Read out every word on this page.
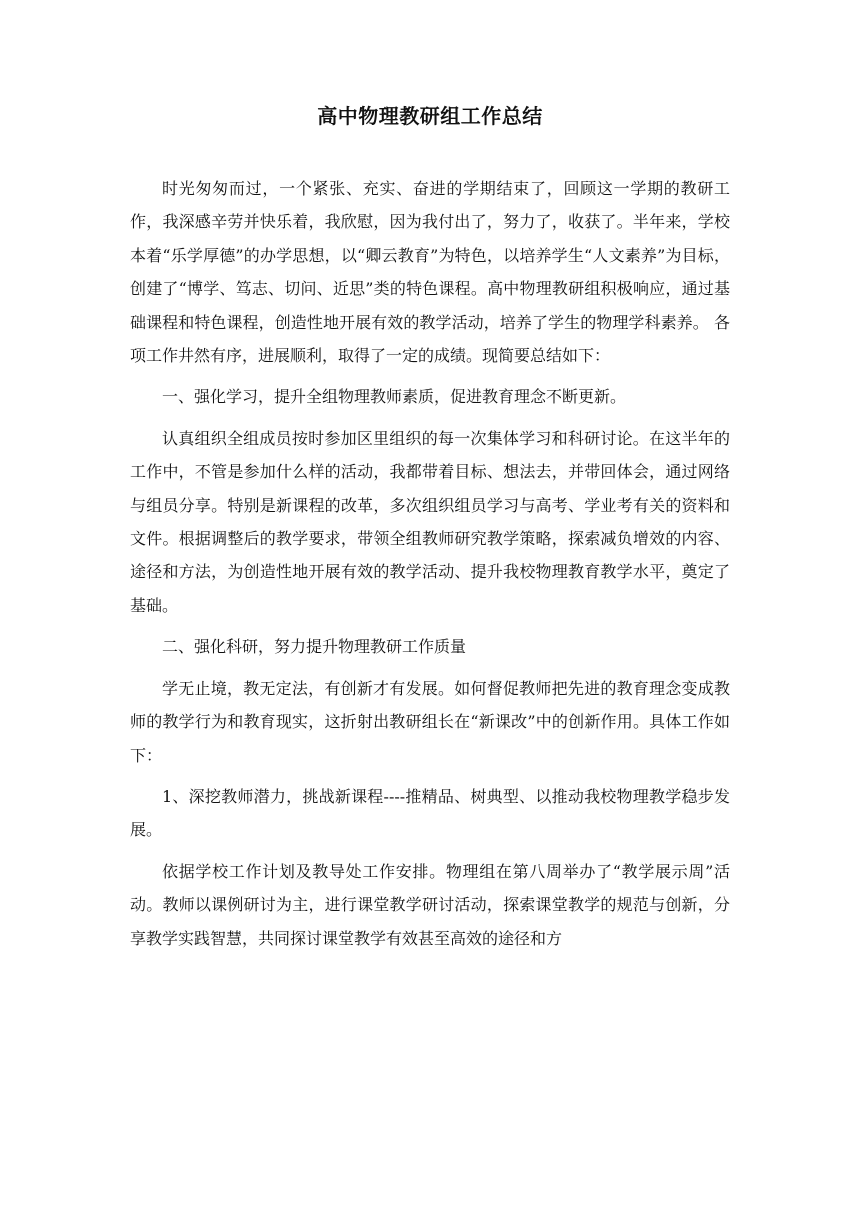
高中物理教研组工作总结

时光匆匆而过，一个紧张、充实、奋进的学期结束了，回顾这一学期的教研工作，我深感辛劳并快乐着，我欣慰，因为我付出了，努力了，收获了。半年来，学校本着“乐学厚德”的办学思想，以“卿云教育”为特色，以培养学生“人文素养”为目标，创建了“博学、笃志、切问、近思”类的特色课程。高中物理教研组积极响应，通过基础课程和特色课程，创造性地开展有效的教学活动，培养了学生的物理学科素养。 各项工作井然有序，进展顺利，取得了一定的成绩。现简要总结如下：

一、强化学习，提升全组物理教师素质，促进教育理念不断更新。

认真组织全组成员按时参加区里组织的每一次集体学习和科研讨论。在这半年的工作中，不管是参加什么样的活动，我都带着目标、想法去，并带回体会，通过网络与组员分享。特别是新课程的改革，多次组织组员学习与高考、学业考有关的资料和文件。根据调整后的教学要求，带领全组教师研究教学策略，探索减负增效的内容、途径和方法，为创造性地开展有效的教学活动、提升我校物理教育教学水平，奠定了基础。

二、强化科研，努力提升物理教研工作质量

学无止境，教无定法，有创新才有发展。如何督促教师把先进的教育理念变成教师的教学行为和教育现实，这折射出教研组长在“新课改”中的创新作用。具体工作如下：

1、深挖教师潜力，挑战新课程----推精品、树典型、以推动我校物理教学稳步发展。

依据学校工作计划及教导处工作安排。物理组在第八周举办了“教学展示周”活动。教师以课例研讨为主，进行课堂教学研讨活动，探索课堂教学的规范与创新，分享教学实践智慧，共同探讨课堂教学有效甚至高效的途径和方
